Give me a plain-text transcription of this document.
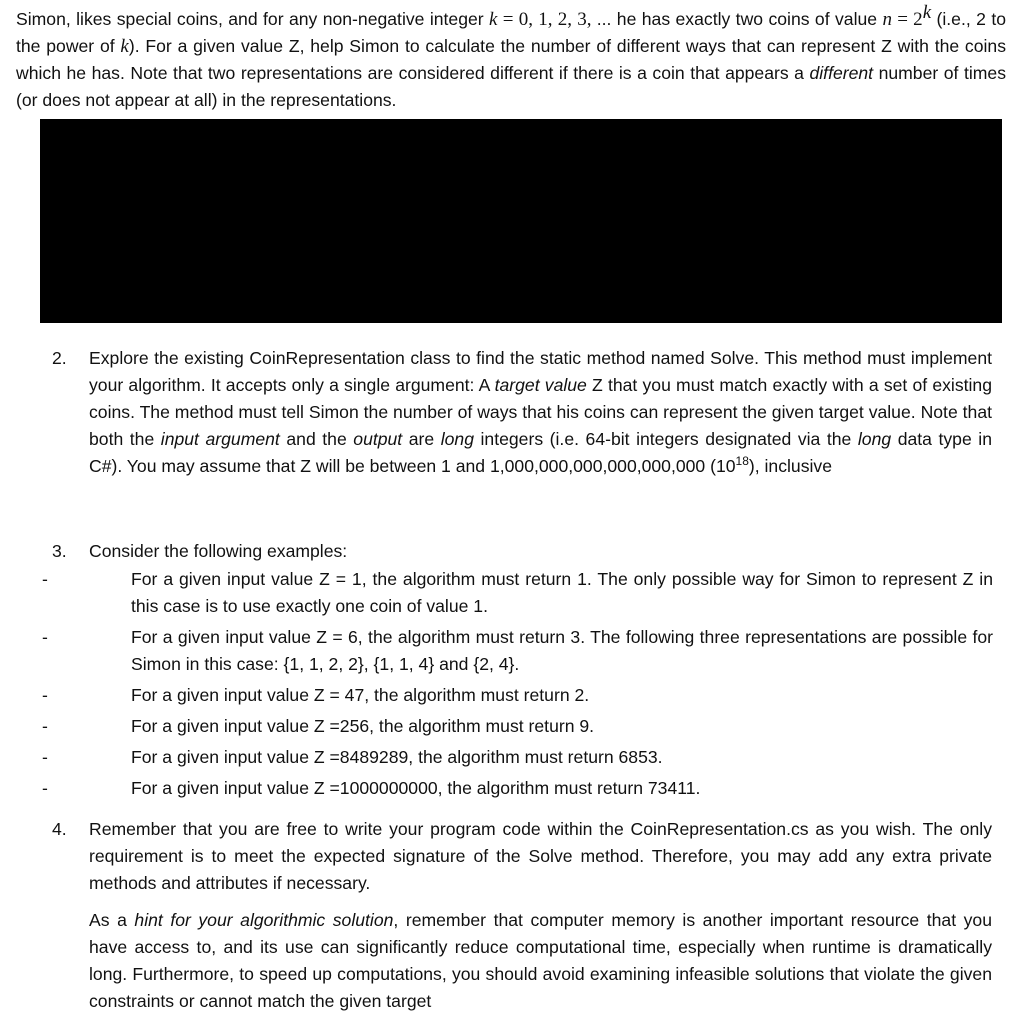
Simon, likes special coins, and for any non-negative integer k = 0, 1, 2, 3, ... he has exactly two coins of value $n = 2^k$ (i.e., 2 to the power of k). For a given value Z, help Simon to calculate the number of different ways that can represent Z with the coins which he has. Note that two representations are considered different if there is a coin that appears a different number of times (or does not appear at all) in the representations.
2.	Explore the existing CoinRepresentation class to find the static method named Solve. This method must implement your algorithm. It accepts only a single argument: A target value Z that you must match exactly with a set of existing coins. The method must tell Simon the number of ways that his coins can represent the given target value. Note that both the input argument and the output are long integers (i.e. 64-bit integers designated via the long data type in C#). You may assume that Z will be between 1 and 1,000,000,000,000,000,000 $(10^{18})$, inclusive
3.	Consider the following examples:
-	For a given input value Z = 1, the algorithm must return 1. The only possible way for Simon to represent Z in this case is to use exactly one coin of value 1.
-	For a given input value Z = 6, the algorithm must return 3. The following three representations are possible for Simon in this case: {1, 1, 2, 2}, {1, 1, 4} and {2, 4}.
-	For a given input value Z = 47, the algorithm must return 2.
-	For a given input value Z =256, the algorithm must return 9.
-	For a given input value Z =8489289, the algorithm must return 6853.
-	For a given input value Z =1000000000, the algorithm must return 73411.
4.	Remember that you are free to write your program code within the CoinRepresentation.cs as you wish. The only requirement is to meet the expected signature of the Solve method. Therefore, you may add any extra private methods and attributes if necessary.
As a hint for your algorithmic solution, remember that computer memory is another important resource that you have access to, and its use can significantly reduce computational time, especially when runtime is dramatically long. Furthermore, to speed up computations, you should avoid examining infeasible solutions that violate the given constraints or cannot match the given target
